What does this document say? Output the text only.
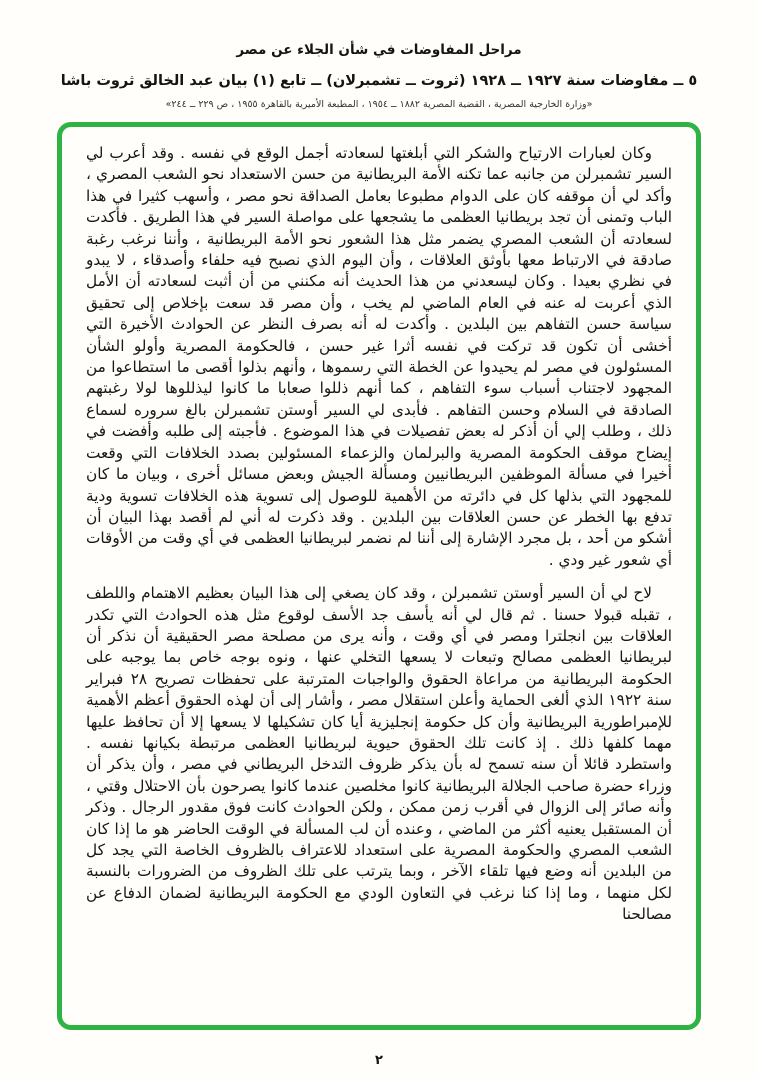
مراحل المفاوضات في شأن الجلاء عن مصر
٥ ــ مفاوضات سنة ١٩٢٧ ــ ١٩٢٨ (ثروت ــ تشمبرلان) ــ تابع (١) بيان عبد الخالق ثروت باشا

«وزارة الخارجية المصرية ، القضية المصرية ١٨٨٢ ــ ١٩٥٤ ، المطبعة الأميرية بالقاهرة ١٩٥٥ ، ص ٢٢٩ ــ ٢٤٤»

وكان لعبارات الارتياح والشكر التي أبلغتها لسعادته أجمل الوقع في نفسه . وقد أعرب لي السير تشمبرلن من جانبه عما تكنه الأمة البريطانية من حسن الاستعداد نحو الشعب المصري ، وأكد لي أن موقفه كان على الدوام مطبوعا بعامل الصداقة نحو مصر ، وأسهب كثيرا في هذا الباب وتمنى أن تجد بريطانيا العظمى ما يشجعها على مواصلة السير في هذا الطريق . فأكدت لسعادته أن الشعب المصري يضمر مثل هذا الشعور نحو الأمة البريطانية ، وأننا نرغب رغبة صادقة في الارتباط معها بأوثق العلاقات ، وأن اليوم الذي نصبح فيه حلفاء وأصدقاء ، لا يبدو في نظري بعيدا . وكان ليسعدني من هذا الحديث أنه مكنني من أن أثبت لسعادته أن الأمل الذي أعربت له عنه في العام الماضي لم يخب ، وأن مصر قد سعت بإخلاص إلى تحقيق سياسة حسن التفاهم بين البلدين . وأكدت له أنه بصرف النظر عن الحوادث الأخيرة التي أخشى أن تكون قد تركت في نفسه أثرا غير حسن ، فالحكومة المصرية وأولو الشأن المسئولون في مصر لم يحيدوا عن الخطة التي رسموها ، وأنهم بذلوا أقصى ما استطاعوا من المجهود لاجتناب أسباب سوء التفاهم ، كما أنهم ذللوا صعابا ما كانوا ليذللوها لولا رغبتهم الصادقة في السلام وحسن التفاهم . فأبدى لي السير أوستن تشمبرلن بالغ سروره لسماع ذلك ، وطلب إلي أن أذكر له بعض تفصيلات في هذا الموضوع . فأجبته إلى طلبه وأفضت في إيضاح موقف الحكومة المصرية والبرلمان والزعماء المسئولين بصدد الخلافات التي وقعت أخيرا في مسألة الموظفين البريطانيين ومسألة الجيش وبعض مسائل أخرى ، وبيان ما كان للمجهود التي بذلها كل في دائرته من الأهمية للوصول إلى تسوية هذه الخلافات تسوية ودية تدفع بها الخطر عن حسن العلاقات بين البلدين . وقد ذكرت له أني لم أقصد بهذا البيان أن أشكو من أحد ، بل مجرد الإشارة إلى أننا لم نضمر لبريطانيا العظمى في أي وقت من الأوقات أي شعور غير ودي .

لاح لي أن السير أوستن تشمبرلن ، وقد كان يصغي إلى هذا البيان بعظيم الاهتمام واللطف ، تقبله قبولا حسنا . ثم قال لي أنه يأسف جد الأسف لوقوع مثل هذه الحوادث التي تكدر العلاقات بين انجلترا ومصر في أي وقت ، وأنه يرى من مصلحة مصر الحقيقية أن نذكر أن لبريطانيا العظمى مصالح وتبعات لا يسعها التخلي عنها ، ونوه بوجه خاص بما يوجبه على الحكومة البريطانية من مراعاة الحقوق والواجبات المترتبة على تحفظات تصريح ٢٨ فبراير سنة ١٩٢٢ الذي ألغى الحماية وأعلن استقلال مصر ، وأشار إلى أن لهذه الحقوق أعظم الأهمية للإمبراطورية البريطانية وأن كل حكومة إنجليزية أيا كان تشكيلها لا يسعها إلا أن تحافظ عليها مهما كلفها ذلك . إذ كانت تلك الحقوق حيوية لبريطانيا العظمى مرتبطة بكيانها نفسه . واستطرد قائلا أن سنه تسمح له بأن يذكر ظروف التدخل البريطاني في مصر ، وأن يذكر أن وزراء حضرة صاحب الجلالة البريطانية كانوا مخلصين عندما كانوا يصرحون بأن الاحتلال وقتي ، وأنه صائر إلى الزوال في أقرب زمن ممكن ، ولكن الحوادث كانت فوق مقدور الرجال . وذكر أن المستقبل يعنيه أكثر من الماضي ، وعنده أن لب المسألة في الوقت الحاضر هو ما إذا كان الشعب المصري والحكومة المصرية على استعداد للاعتراف بالظروف الخاصة التي يجد كل من البلدين أنه وضع فيها تلقاء الآخر ، وبما يترتب على تلك الظروف من الضرورات بالنسبة لكل منهما ، وما إذا كنا نرغب في التعاون الودي مع الحكومة البريطانية لضمان الدفاع عن مصالحنا

٢
